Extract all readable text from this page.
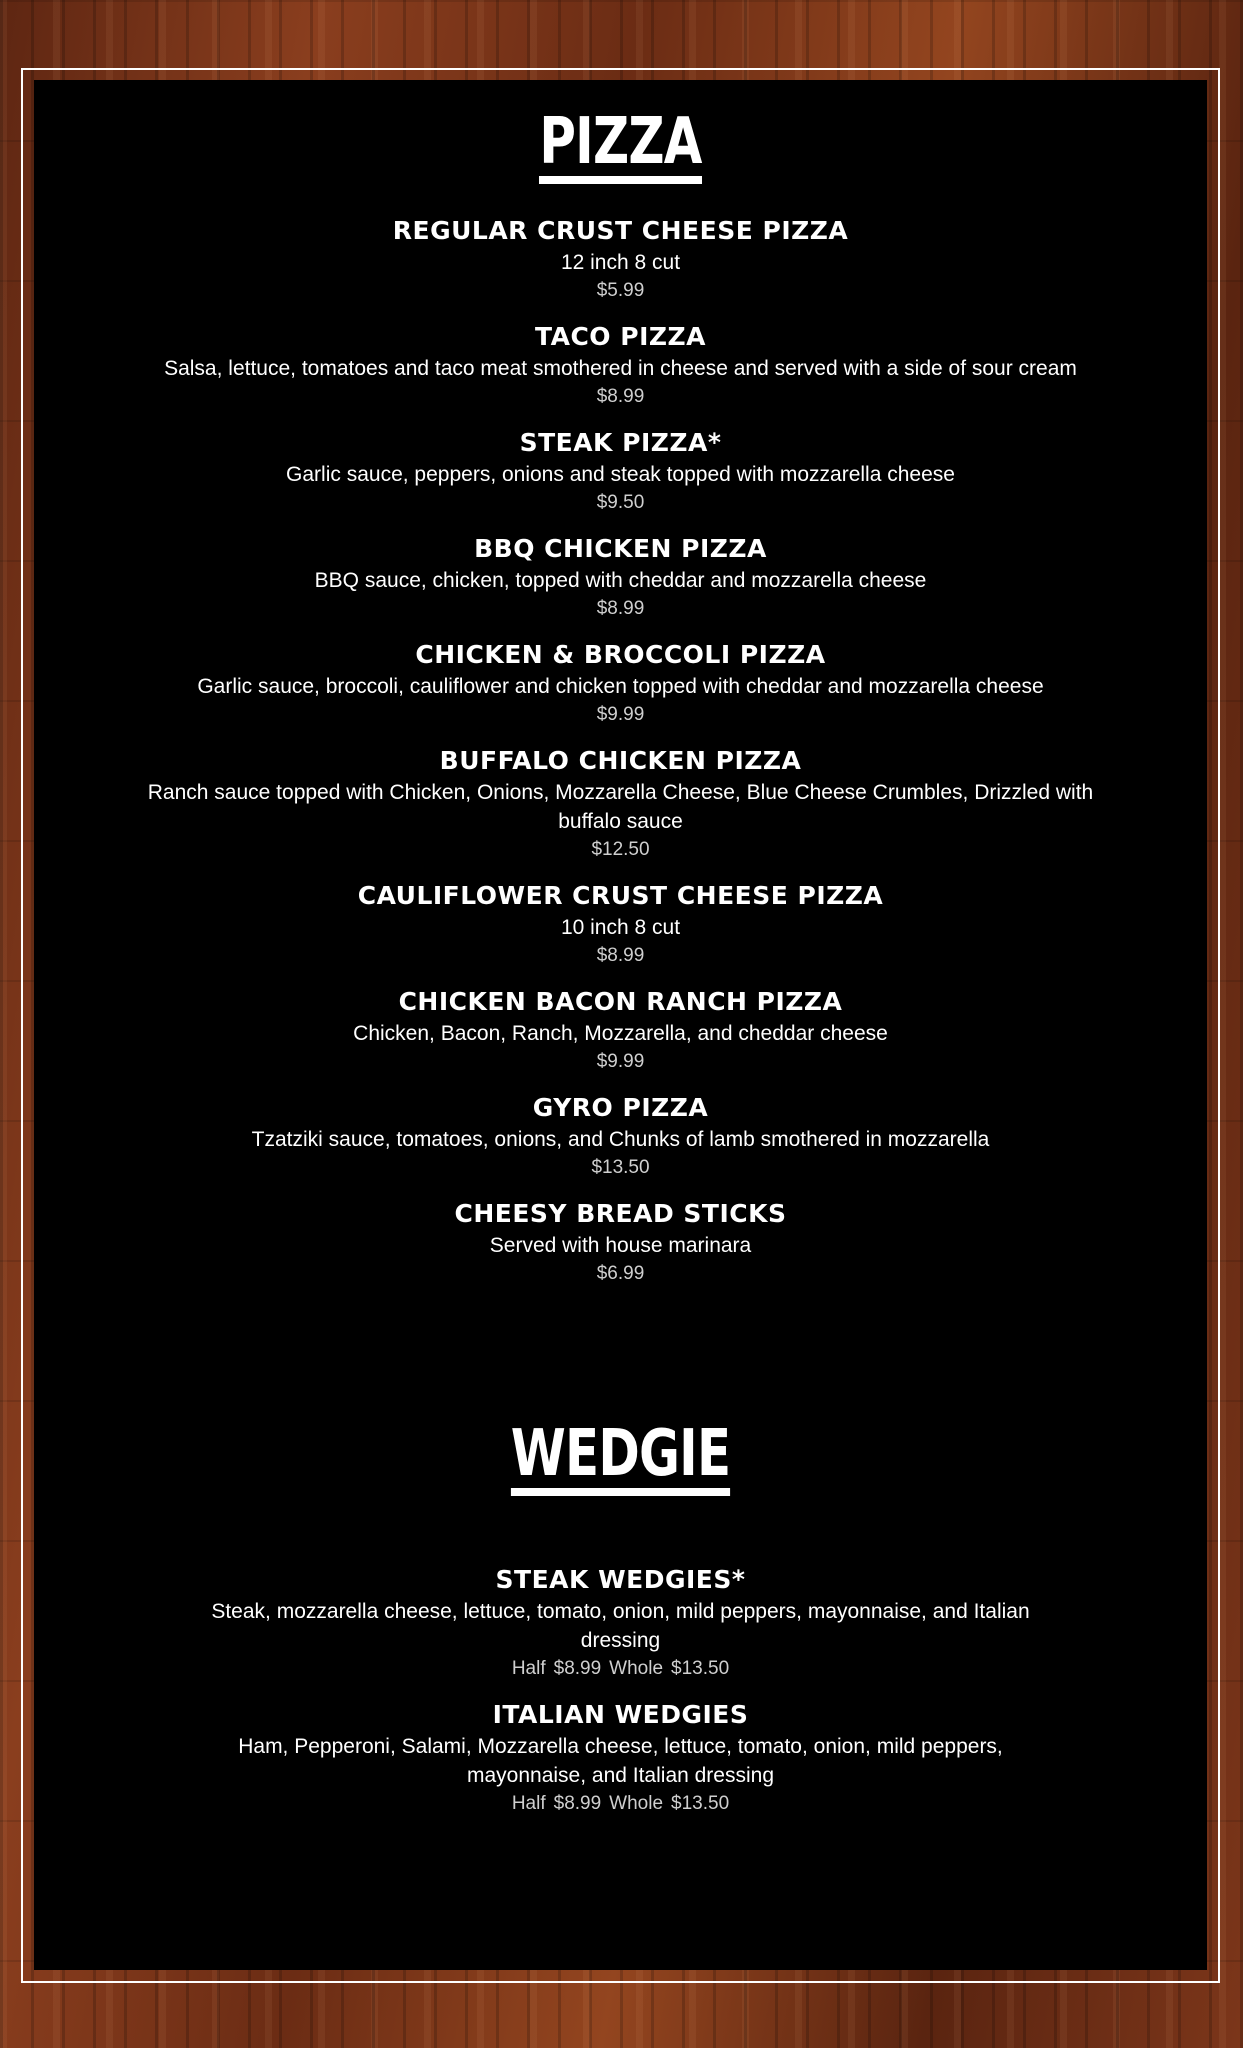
PIZZA
REGULAR CRUST CHEESE PIZZA
12 inch 8 cut
$5.99
TACO PIZZA
Salsa, lettuce, tomatoes and taco meat smothered in cheese and served with a side of sour cream
$8.99
STEAK PIZZA*
Garlic sauce, peppers, onions and steak topped with mozzarella cheese
$9.50
BBQ CHICKEN PIZZA
BBQ sauce, chicken, topped with cheddar and mozzarella cheese
$8.99
CHICKEN & BROCCOLI PIZZA
Garlic sauce, broccoli, cauliflower and chicken topped with cheddar and mozzarella cheese
$9.99
BUFFALO CHICKEN PIZZA
Ranch sauce topped with Chicken, Onions, Mozzarella Cheese, Blue Cheese Crumbles, Drizzled with buffalo sauce
$12.50
CAULIFLOWER CRUST CHEESE PIZZA
10 inch 8 cut
$8.99
CHICKEN BACON RANCH PIZZA
Chicken, Bacon, Ranch, Mozzarella, and cheddar cheese
$9.99
GYRO PIZZA
Tzatziki sauce, tomatoes, onions, and Chunks of lamb smothered in mozzarella
$13.50
CHEESY BREAD STICKS
Served with house marinara
$6.99
WEDGIE
STEAK WEDGIES*
Steak, mozzarella cheese, lettuce, tomato, onion, mild peppers, mayonnaise, and Italian dressing
Half $8.99 Whole $13.50
ITALIAN WEDGIES
Ham, Pepperoni, Salami, Mozzarella cheese, lettuce, tomato, onion, mild peppers, mayonnaise, and Italian dressing
Half $8.99 Whole $13.50
